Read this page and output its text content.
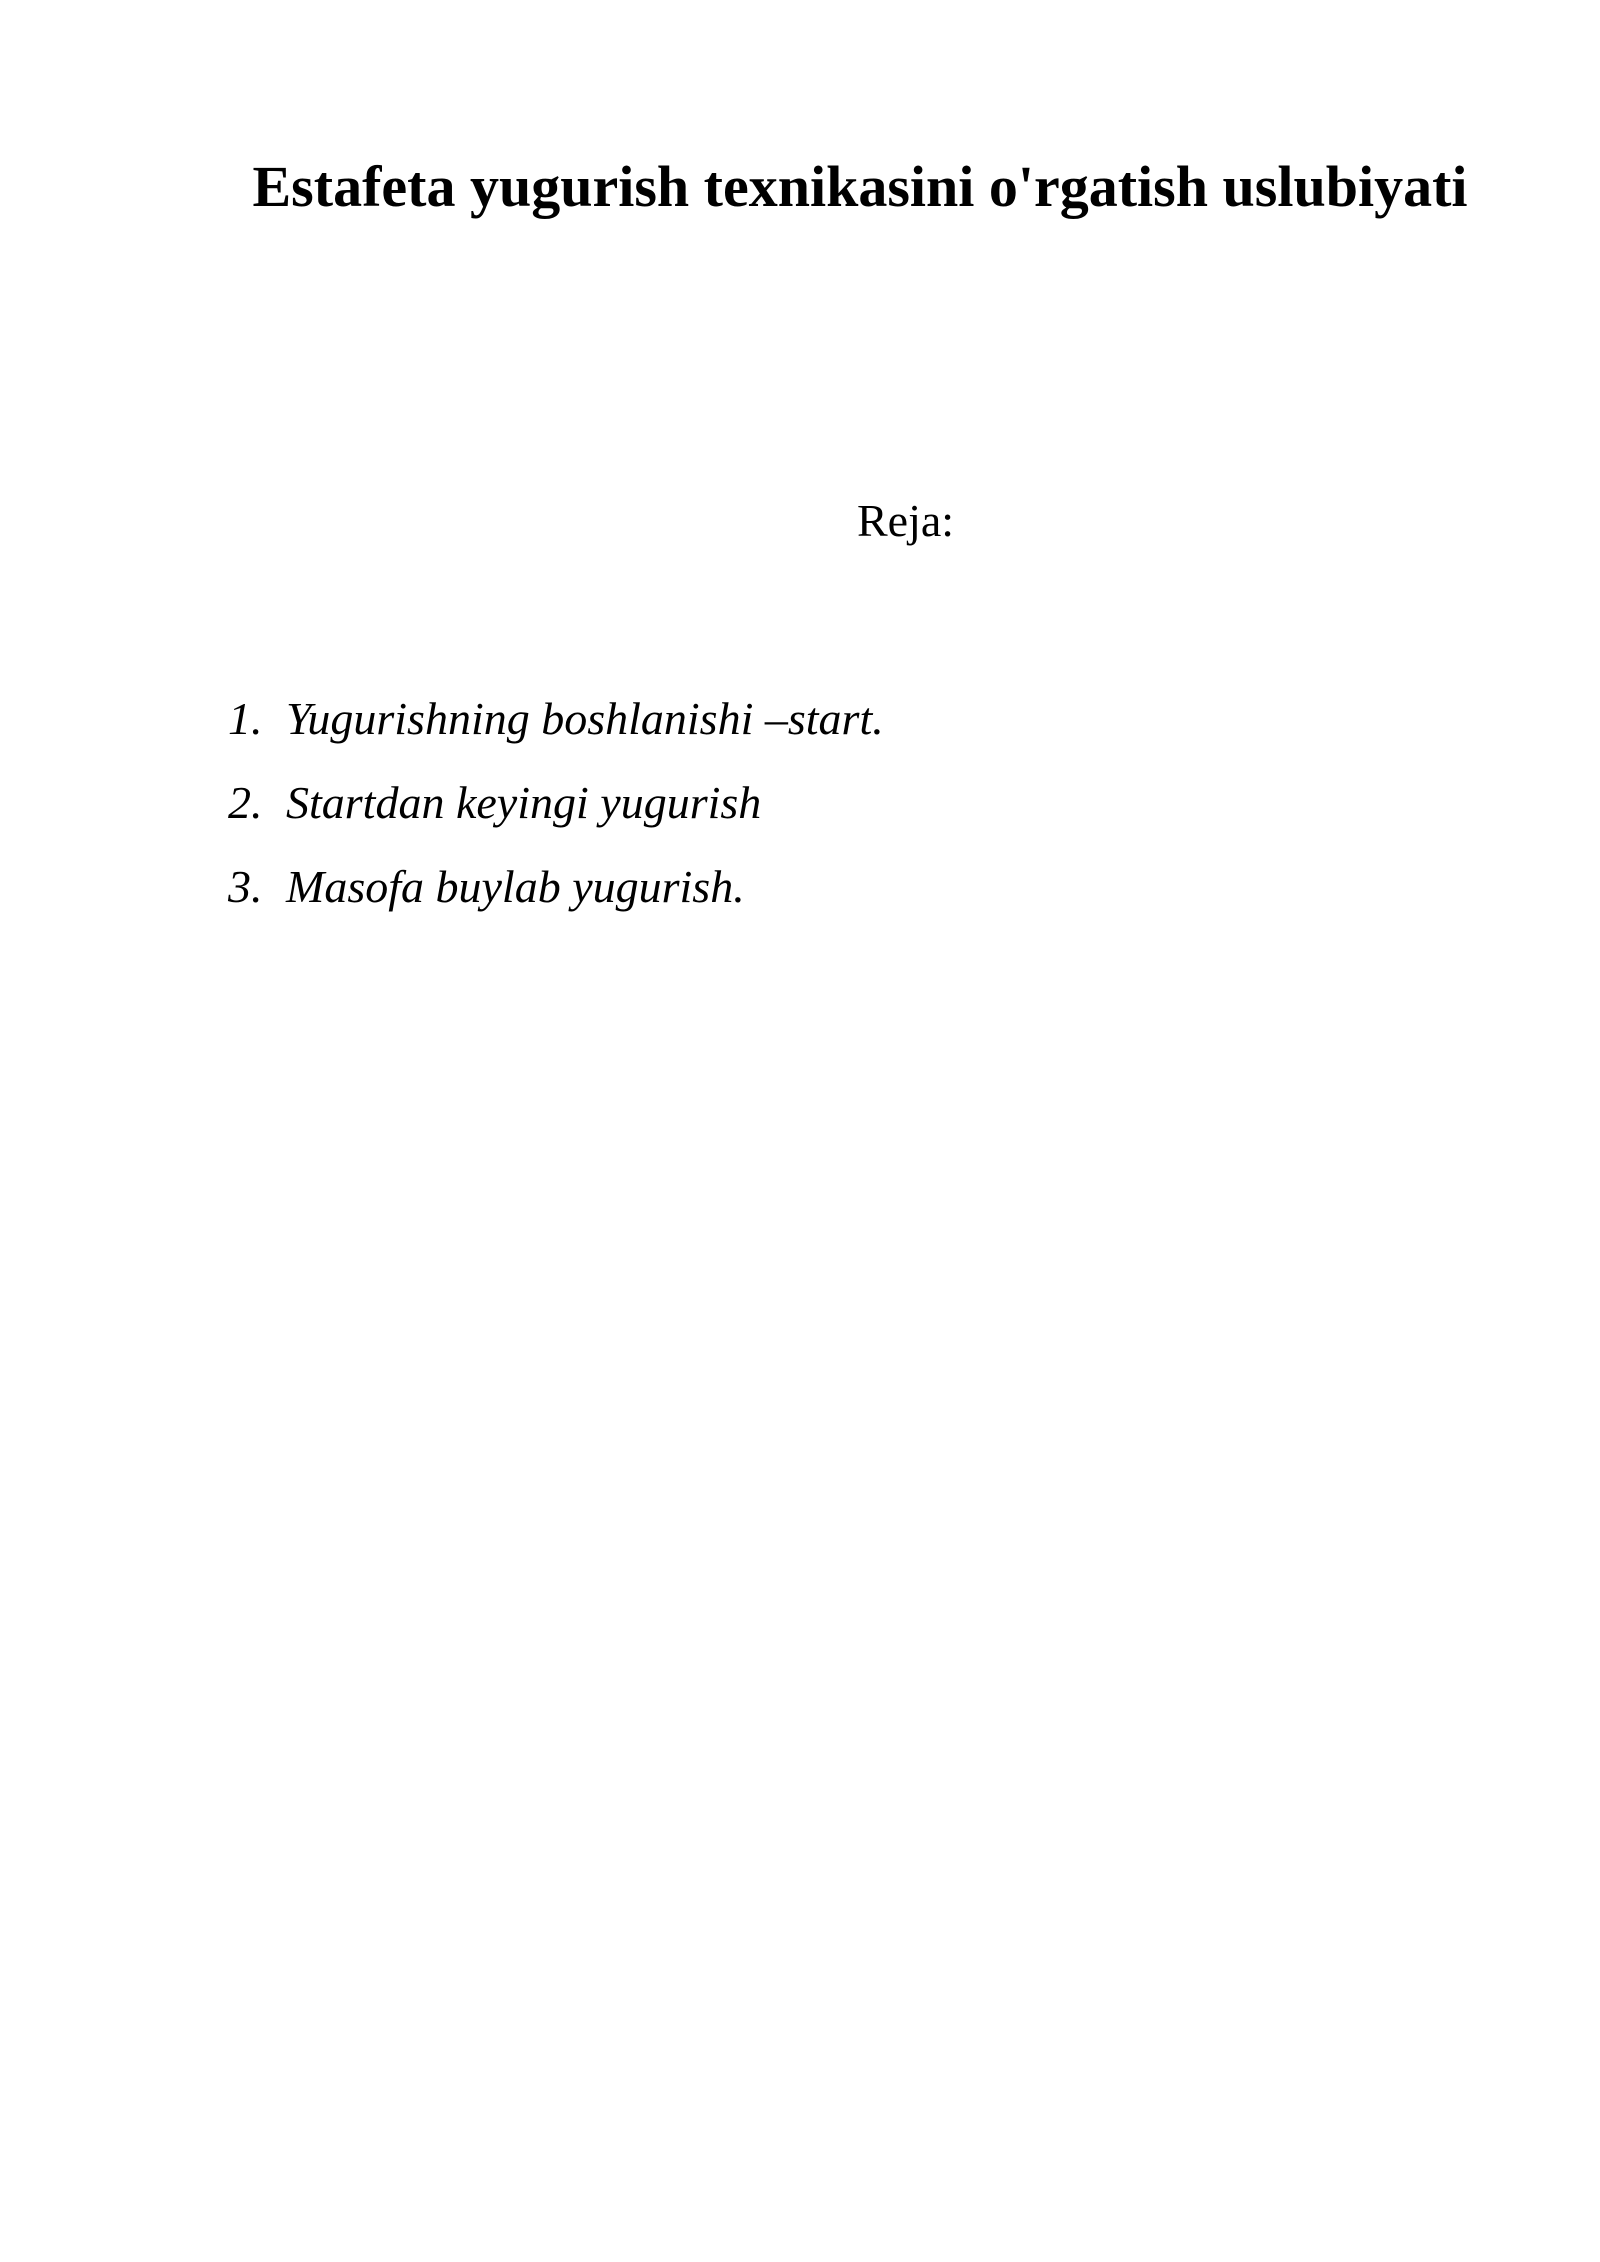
Estafeta yugurish texnikasini o'rgatish uslubiyati

Reja:

1. Yugurishning boshlanishi –start.
2. Startdan keyingi yugurish
3. Masofa buylab yugurish.
